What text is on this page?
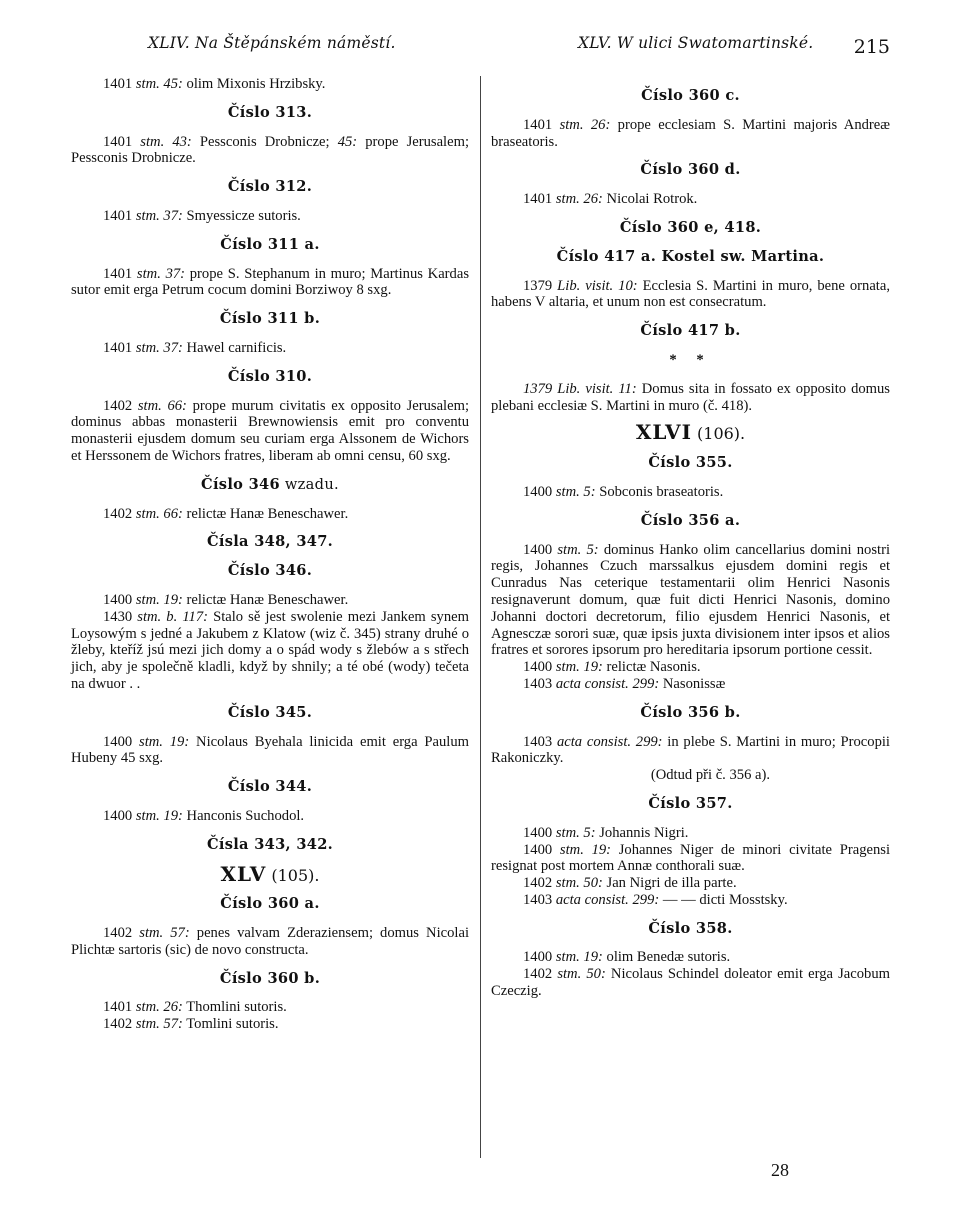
XLIV. Na Štěpánském náměstí.	XLV. W ulici Swatomartinské. 215

1401 stm. 45: olim Mixonis Hrzibsky.

Číslo 313.

1401 stm. 43: Pessconis Drobnicze; 45: prope Jerusalem; Pessconis Drobnicze.

Číslo 312.

1401 stm. 37: Smyessicze sutoris.

Číslo 311 a.

1401 stm. 37: prope S. Stephanum in muro; Martinus Kardas sutor emit erga Petrum cocum domini Borziwoy 8 sxg.

Číslo 311 b.

1401 stm. 37: Hawel carnificis.

Číslo 310.

1402 stm. 66: prope murum civitatis ex opposito Jerusalem; dominus abbas monasterii Brewnowiensis emit pro conventu monasterii ejusdem domum seu curiam erga Alssonem de Wichors et Herssonem de Wichors fratres, liberam ab omni censu, 60 sxg.

Číslo 346 wzadu.

1402 stm. 66: relictæ Hanæ Beneschawer.

Čísla 348, 347.
Číslo 346.

1400 stm. 19: relictæ Hanæ Beneschawer.

1430 stm. b. 117: Stalo sě jest swolenie mezi Jankem synem Loysowým s jedné a Jakubem z Klatow (wiz č. 345) strany druhé o žleby, kteříž jsú mezi jich domy a o spád wody s žlebów a s střech jich, aby je společně kladli, když by shnily; a té obé (wody) tečeta na dwuor . .

Číslo 345.

1400 stm. 19: Nicolaus Byehala linicida emit erga Paulum Hubeny 45 sxg.

Číslo 344.

1400 stm. 19: Hanconis Suchodol.

Čísla 343, 342.
XLV (105).
Číslo 360 a.

1402 stm. 57: penes valvam Zderaziensem; domus Nicolai Plichtæ sartoris (sic) de novo constructa.

Číslo 360 b.

1401 stm. 26: Thomlini sutoris.

1402 stm. 57: Tomlini sutoris.

Číslo 360 c.

1401 stm. 26: prope ecclesiam S. Martini majoris Andreæ braseatoris.

Číslo 360 d.

1401 stm. 26: Nicolai Rotrok.

Číslo 360 e, 418.
Číslo 417 a. Kostel sw. Martina.

1379 Lib. visit. 10: Ecclesia S. Martini in muro, bene ornata, habens V altaria, et unum non est consecratum.

Číslo 417 b.
* *

1379 Lib. visit. 11: Domus sita in fossato ex opposito domus plebani ecclesiæ S. Martini in muro (č. 418).

XLVI (106).
Číslo 355.

1400 stm. 5: Sobconis braseatoris.

Číslo 356 a.

1400 stm. 5: dominus Hanko olim cancellarius domini nostri regis, Johannes Czuch marssalkus ejusdem domini regis et Cunradus Nas ceterique testamentarii olim Henrici Nasonis resignaverunt domum, quæ fuit dicti Henrici Nasonis, domino Johanni doctori decretorum, filio ejusdem Henrici Nasonis, et Agnesczæ sorori suæ, quæ ipsis juxta divisionem inter ipsos et alios fratres et sorores ipsorum pro hereditaria ipsorum portione cessit.

1400 stm. 19: relictæ Nasonis.

1403 acta consist. 299: Nasonissæ

Číslo 356 b.

1403 acta consist. 299: in plebe S. Martini in muro; Procopii Rakoniczky.

(Odtud při č. 356 a).

Číslo 357.

1400 stm. 5: Johannis Nigri.

1400 stm. 19: Johannes Niger de minori civitate Pragensi resignat post mortem Annæ conthorali suæ.

1402 stm. 50: Jan Nigri de illa parte.

1403 acta consist. 299: — — dicti Mosstsky.

Číslo 358.

1400 stm. 19: olim Benedæ sutoris.

1402 stm. 50: Nicolaus Schindel doleator emit erga Jacobum Czeczig.

28
